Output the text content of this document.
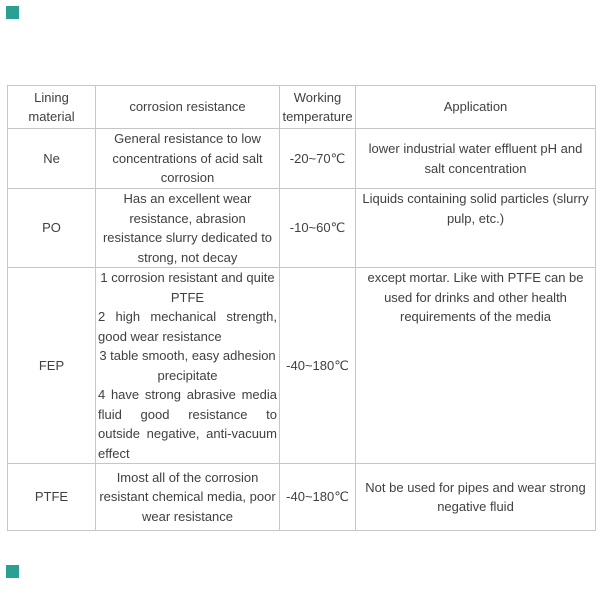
Lining material	corrosion resistance	Working temperature	Application
Ne	General resistance to low concentrations of acid salt corrosion	-20~70℃	lower industrial water effluent pH and salt concentration
PO	Has an excellent wear resistance, abrasion resistance slurry dedicated to strong, not decay	-10~60℃	Liquids containing solid particles (slurry pulp, etc.)
FEP	1 corrosion resistant and quite PTFE
2 high mechanical strength, good wear resistance
3 table smooth, easy adhesion precipitate
4 have strong abrasive media fluid good resistance to outside negative, anti-vacuum effect	-40~180℃	except mortar. Like with PTFE can be used for drinks and other health requirements of the media
PTFE	Imost all of the corrosion resistant chemical media, poor wear resistance	-40~180℃	Not be used for pipes and wear strong negative fluid
